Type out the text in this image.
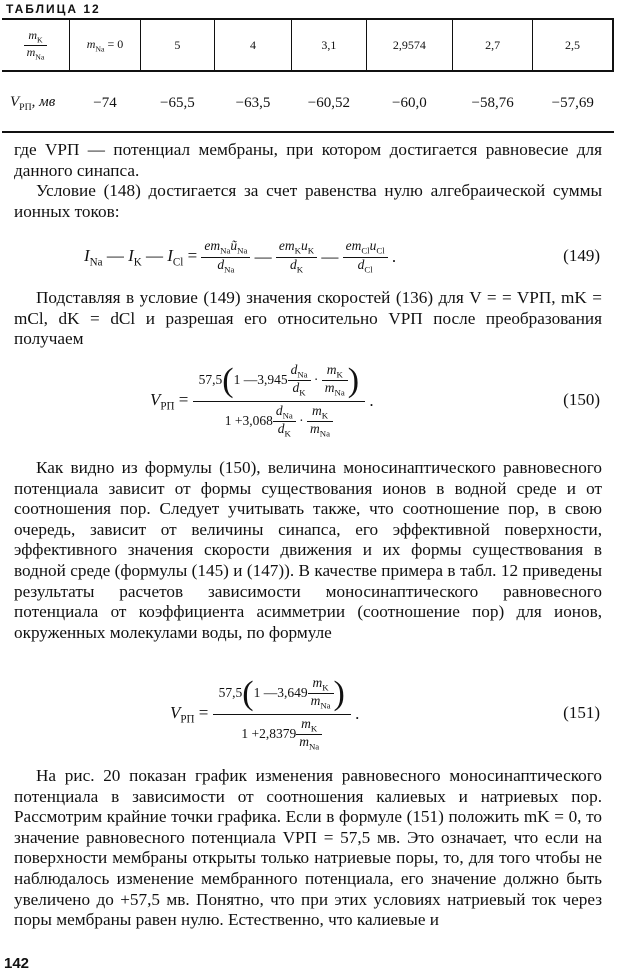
ТАБЛИЦА 12
$\frac{m_K}{m_{Na}}$	$m_{Na} = 0$	5	4	3,1	2,9574	2,7	2,5
$V_{РП}$, мв	−74	−65,5	−63,5	−60,52	−60,0	−58,76	−57,69
где VРП — потенциал мембраны, при котором достигается равновесие для данного синапса.
Условие (148) достигается за счет равенства нулю алгебраической суммы ионных токов:
$I_{Na}$ — $I_K$ — $I_{Cl} = \frac{em_{Na}ũ_{Na}}{d_{Na}}$ — $\frac{em_Ku_K}{d_K}$ — $\frac{em_{Cl}u_{Cl}}{d_{Cl}}$ .	(149)
Подставляя в условие (149) значения скоростей (136) для V = = VРП, mK = mCl, dK = dCl и разрешая его относительно VРП после преобразования получаем
$V_{РП}$ =
57,5 ( 1 — $3,945 \frac{d_{Na}}{d_K} \cdot \frac{m_K}{m_{Na}}$ )
$1 + 3,068 \frac{d_{Na}}{d_K} \cdot \frac{m_K}{m_{Na}}$
.	(150)
Как видно из формулы (150), величина моносинаптического равновесного потенциала зависит от формы существования ионов в водной среде и от соотношения пор. Следует учитывать также, что соотношение пор, в свою очередь, зависит от величины синапса, его эффективной поверхности, эффективного значения скорости движения и их формы существования в водной среде (формулы (145) и (147)). В качестве примера в табл. 12 приведены результаты расчетов зависимости моносинаптического равновесного потенциала от коэффициента асимметрии (соотношение пор) для ионов, окруженных молекулами воды, по формуле
$V_{РП}$ =
57,5 ( 1 — $3,649 \frac{m_K}{m_{Na}}$ )
$1 + 2,8379 \frac{m_K}{m_{Na}}$
.	(151)
На рис. 20 показан график изменения равновесного моносинаптического потенциала в зависимости от соотношения калиевых и натриевых пор. Рассмотрим крайние точки графика. Если в формуле (151) положить mK = 0, то значение равновесного потенциала VРП = 57,5 мв. Это означает, что если на поверхности мембраны открыты только натриевые поры, то, для того чтобы не наблюдалось изменение мембранного потенциала, его значение должно быть увеличено до +57,5 мв. Понятно, что при этих условиях натриевый ток через поры мембраны равен нулю. Естественно, что калиевые и
142
